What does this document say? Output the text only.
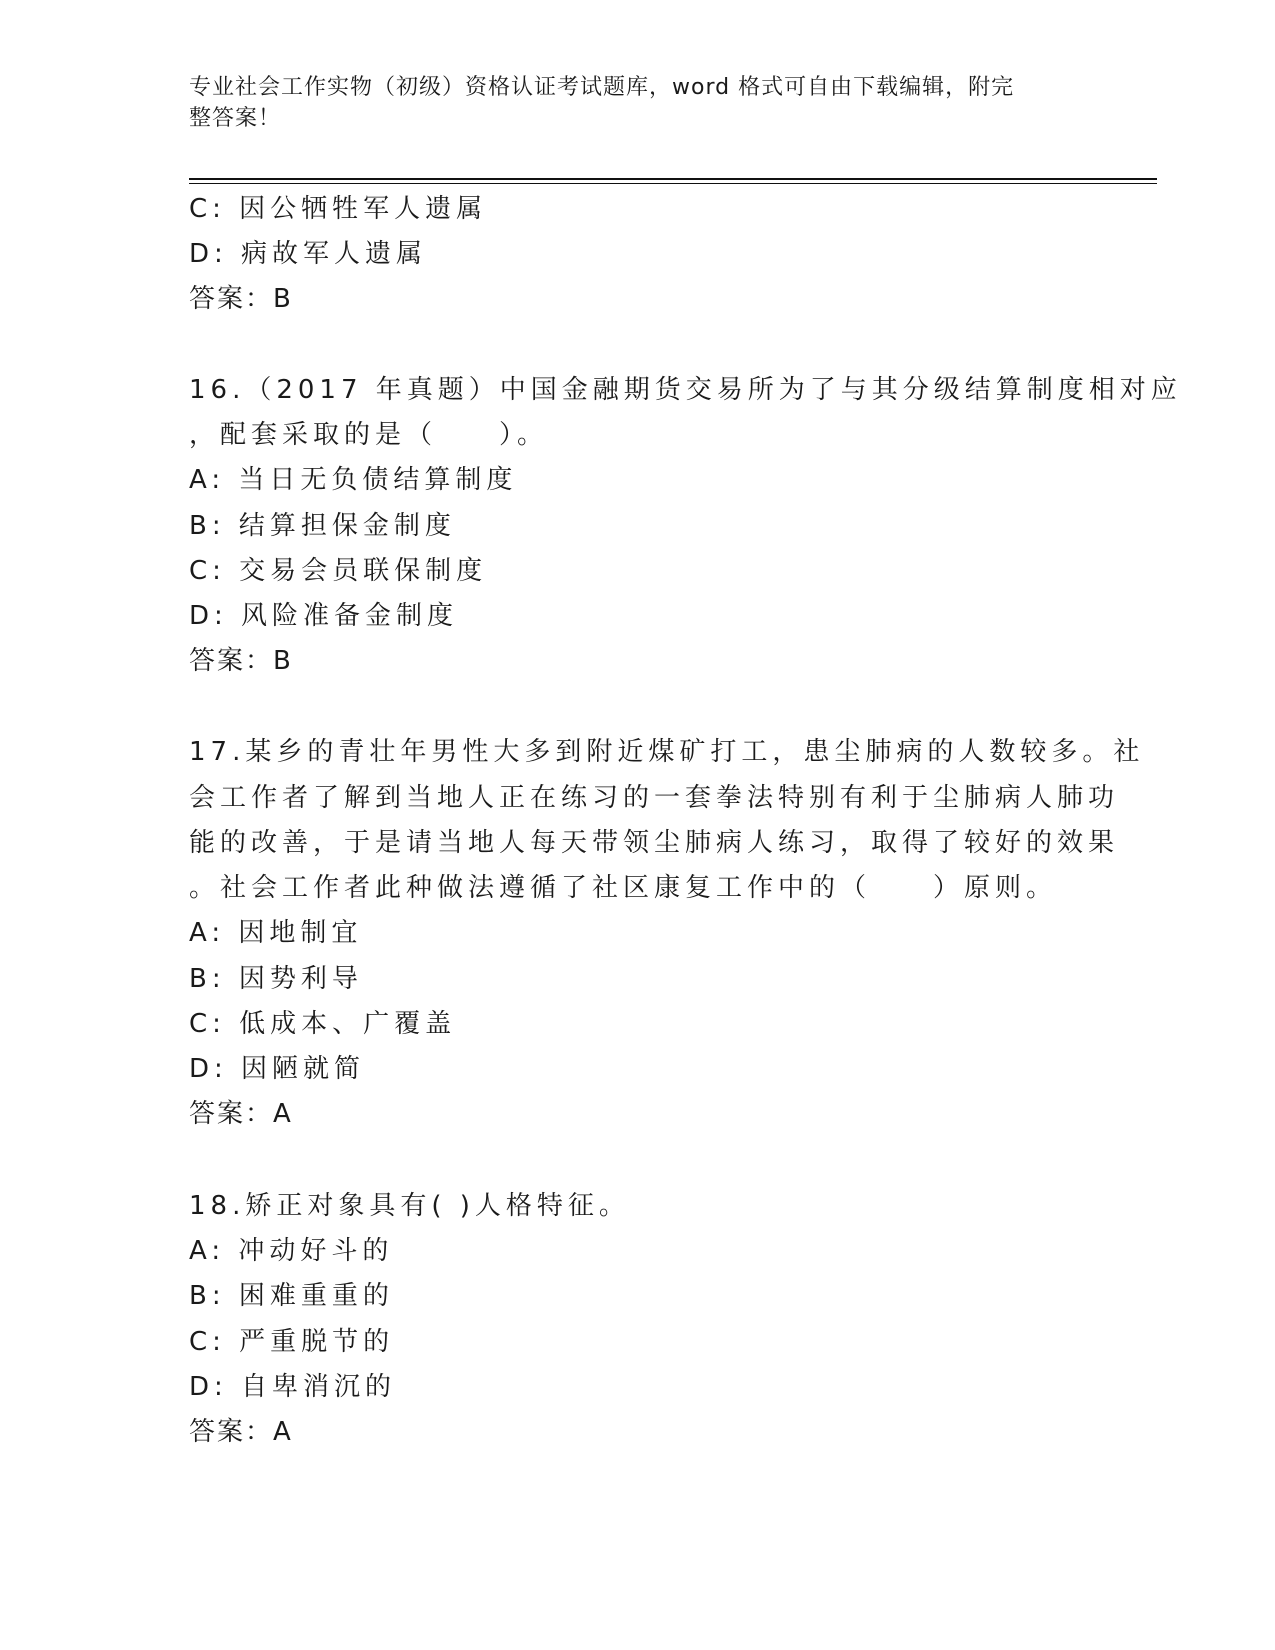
专业社会工作实物（初级）资格认证考试题库，word 格式可自由下载编辑，附完
整答案！
C: 因公牺牲军人遗属
D: 病故军人遗属
答案：B
16.（2017 年真题）中国金融期货交易所为了与其分级结算制度相对应
，配套采取的是（　　）。
A: 当日无负债结算制度
B: 结算担保金制度
C: 交易会员联保制度
D: 风险准备金制度
答案：B
17.某乡的青壮年男性大多到附近煤矿打工，患尘肺病的人数较多。社
会工作者了解到当地人正在练习的一套拳法特别有利于尘肺病人肺功
能的改善，于是请当地人每天带领尘肺病人练习，取得了较好的效果
。社会工作者此种做法遵循了社区康复工作中的（　　）原则。
A: 因地制宜
B: 因势利导
C: 低成本、广覆盖
D: 因陋就简
答案：A
18.矫正对象具有( )人格特征。
A: 冲动好斗的
B: 困难重重的
C: 严重脱节的
D: 自卑消沉的
答案：A
